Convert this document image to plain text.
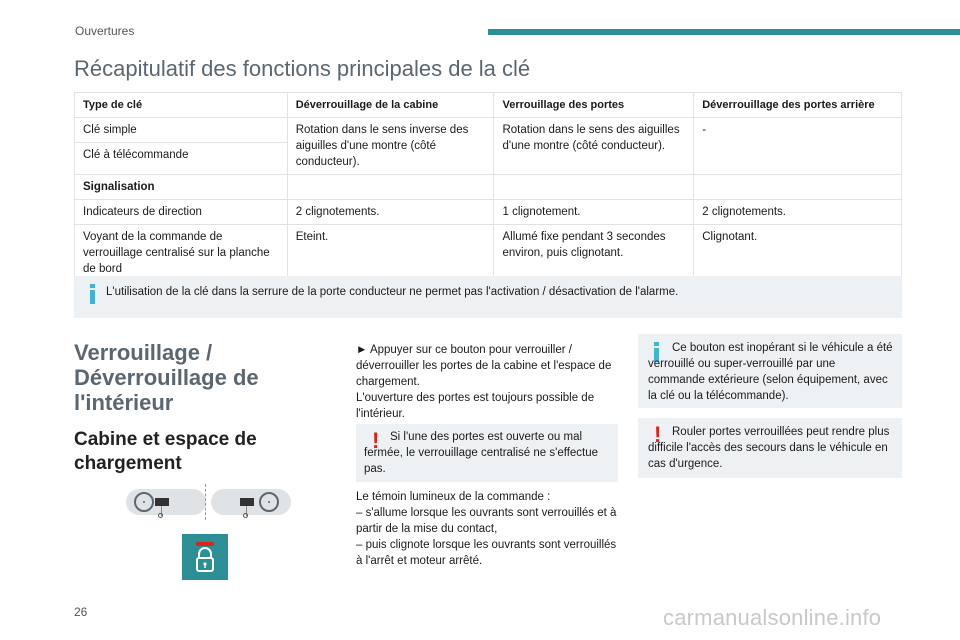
Ouvertures
Récapitulatif des fonctions principales de la clé
Type de clé	Déverrouillage de la cabine	Verrouillage des portes	Déverrouillage des portes arrière
Clé simple	Rotation dans le sens inverse des aiguilles d'une montre (côté conducteur).	Rotation dans le sens des aiguilles d'une montre (côté conducteur).	-
Clé à télécommande			
Signalisation			
Indicateurs de direction	2 clignotements.	1 clignotement.	2 clignotements.
Voyant de la commande de verrouillage centralisé sur la planche de bord	Eteint.	Allumé fixe pendant 3 secondes environ, puis clignotant.	Clignotant.
L'utilisation de la clé dans la serrure de la porte conducteur ne permet pas l'activation / désactivation de l'alarme.
Verrouillage / Déverrouillage de l'intérieur
Cabine et espace de chargement
► Appuyer sur ce bouton pour verrouiller / déverrouiller les portes de la cabine et l'espace de chargement.
L'ouverture des portes est toujours possible de l'intérieur.
! Si l'une des portes est ouverte ou mal fermée, le verrouillage centralisé ne s'effectue pas.
Le témoin lumineux de la commande :
– s'allume lorsque les ouvrants sont verrouillés et à partir de la mise du contact,
– puis clignote lorsque les ouvrants sont verrouillés à l'arrêt et moteur arrêté.
Ce bouton est inopérant si le véhicule a été verrouillé ou super-verrouillé par une commande extérieure (selon équipement, avec la clé ou la télécommande).
! Rouler portes verrouillées peut rendre plus difficile l'accès des secours dans le véhicule en cas d'urgence.
26	carmanualsonline.info
